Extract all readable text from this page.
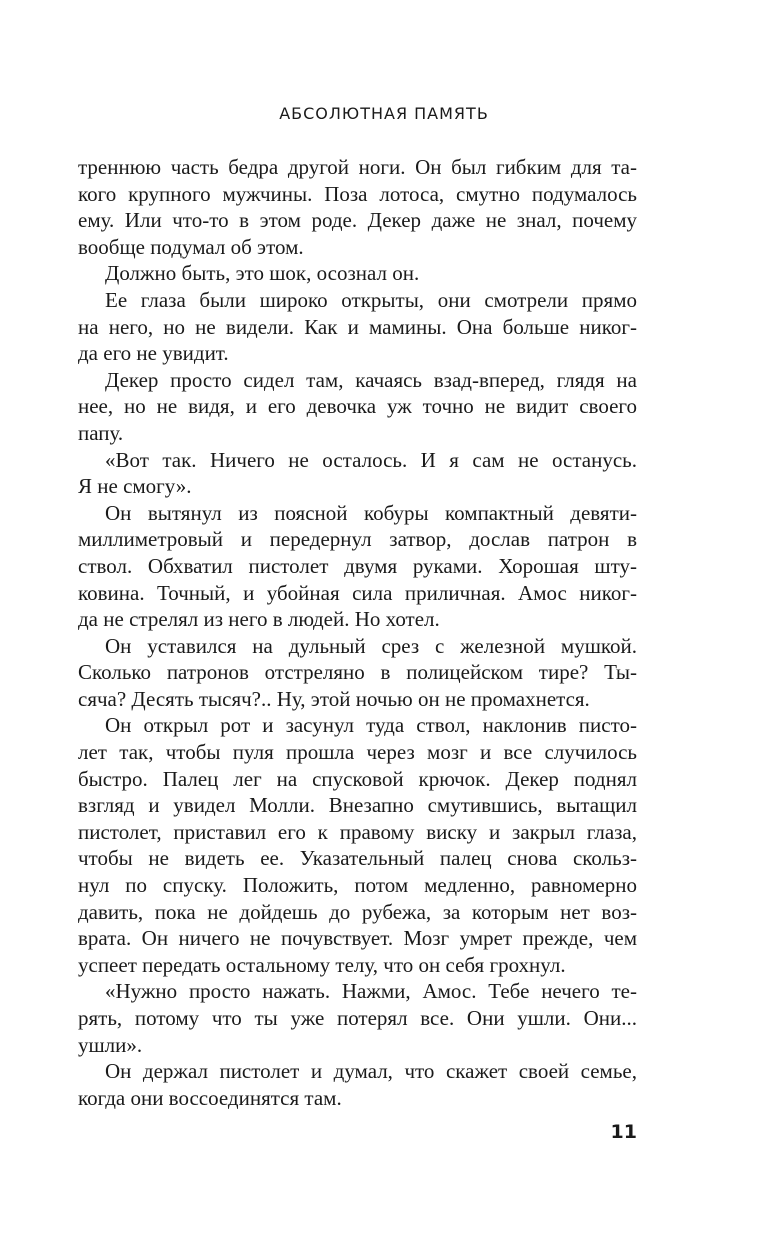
АБСОЛЮТНАЯ ПАМЯТЬ
треннюю часть бедра другой ноги. Он был гибким для та-
кого крупного мужчины. Поза лотоса, смутно подумалось
ему. Или что-то в этом роде. Декер даже не знал, почему
вообще подумал об этом.
Должно быть, это шок, осознал он.
Ее глаза были широко открыты, они смотрели прямо
на него, но не видели. Как и мамины. Она больше никог-
да его не увидит.
Декер просто сидел там, качаясь взад-вперед, глядя на
нее, но не видя, и его девочка уж точно не видит своего
папу.
«Вот так. Ничего не осталось. И я сам не останусь.
Я не смогу».
Он вытянул из поясной кобуры компактный девяти-
миллиметровый и передернул затвор, дослав патрон в
ствол. Обхватил пистолет двумя руками. Хорошая шту-
ковина. Точный, и убойная сила приличная. Амос никог-
да не стрелял из него в людей. Но хотел.
Он уставился на дульный срез с железной мушкой.
Сколько патронов отстреляно в полицейском тире? Ты-
сяча? Десять тысяч?.. Ну, этой ночью он не промахнется.
Он открыл рот и засунул туда ствол, наклонив писто-
лет так, чтобы пуля прошла через мозг и все случилось
быстро. Палец лег на спусковой крючок. Декер поднял
взгляд и увидел Молли. Внезапно смутившись, вытащил
пистолет, приставил его к правому виску и закрыл глаза,
чтобы не видеть ее. Указательный палец снова скольз-
нул по спуску. Положить, потом медленно, равномерно
давить, пока не дойдешь до рубежа, за которым нет воз-
врата. Он ничего не почувствует. Мозг умрет прежде, чем
успеет передать остальному телу, что он себя грохнул.
«Нужно просто нажать. Нажми, Амос. Тебе нечего те-
рять, потому что ты уже потерял все. Они ушли. Они...
ушли».
Он держал пистолет и думал, что скажет своей семье,
когда они воссоединятся там.
11
